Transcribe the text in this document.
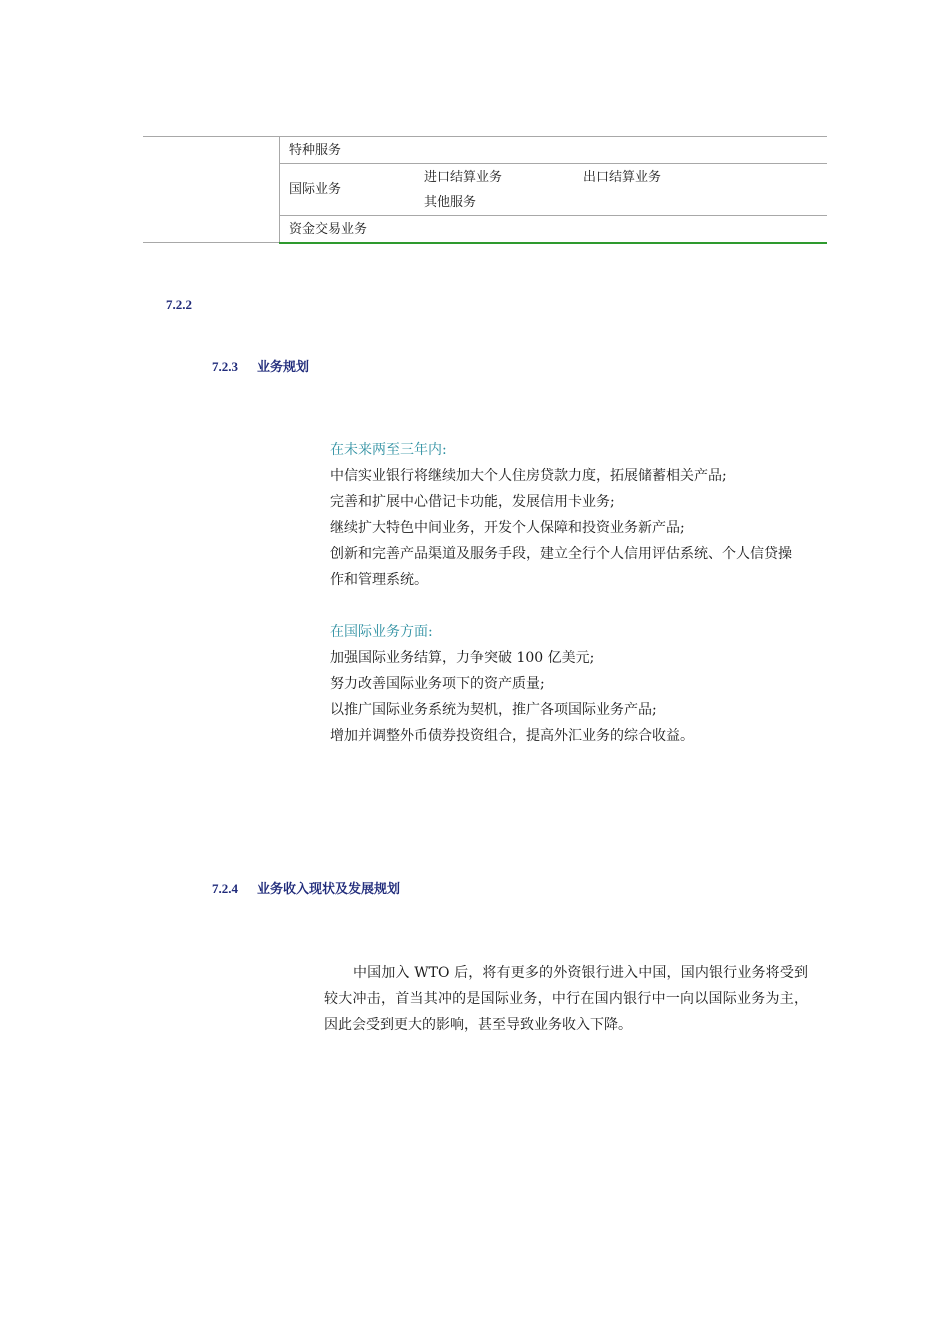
特种服务
国际业务
进口结算业务	出口结算业务
其他服务
资金交易业务
7.2.2
7.2.3 业务规划
在未来两至三年内:
中信实业银行将继续加大个人住房贷款力度，拓展储蓄相关产品;
完善和扩展中心借记卡功能，发展信用卡业务;
继续扩大特色中间业务，开发个人保障和投资业务新产品;
创新和完善产品渠道及服务手段，建立全行个人信用评估系统、个人信贷操
作和管理系统。
在国际业务方面:
加强国际业务结算，力争突破 100 亿美元;
努力改善国际业务项下的资产质量;
以推广国际业务系统为契机，推广各项国际业务产品;
增加并调整外币债券投资组合，提高外汇业务的综合收益。
7.2.4 业务收入现状及发展规划
中国加入 WTO 后，将有更多的外资银行进入中国，国内银行业务将受到较大冲击，首当其冲的是国际业务，中行在国内银行中一向以国际业务为主，因此会受到更大的影响，甚至导致业务收入下降。
